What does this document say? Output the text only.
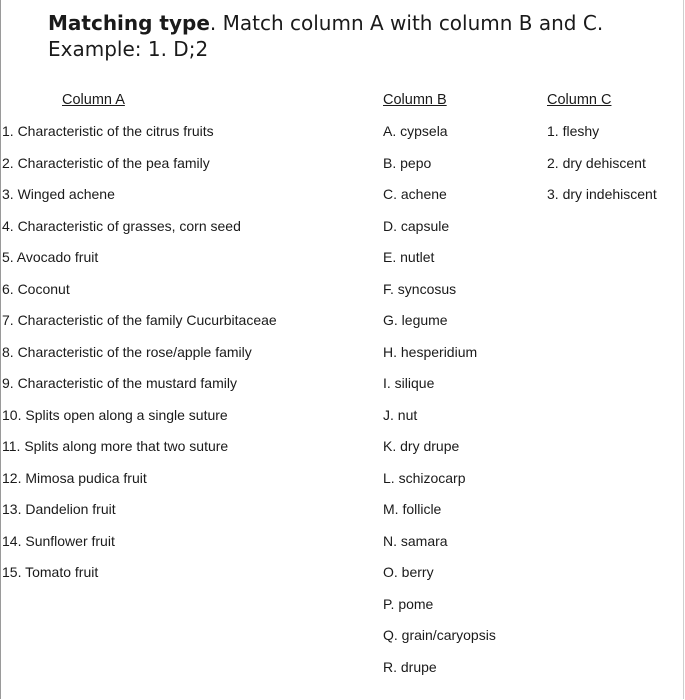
Matching type. Match column A with column B and C.
Example: 1. D;2
Column A	Column B	Column C
1. Characteristic of the citrus fruits
2. Characteristic of the pea family
3. Winged achene
4. Characteristic of grasses, corn seed
5. Avocado fruit
6. Coconut
7. Characteristic of the family Cucurbitaceae
8. Characteristic of the rose/apple family
9. Characteristic of the mustard family
10. Splits open along a single suture
11. Splits along more that two suture
12. Mimosa pudica fruit
13. Dandelion fruit
14. Sunflower fruit
15. Tomato fruit
A. cypsela
B. pepo
C. achene
D. capsule
E. nutlet
F. syncosus
G. legume
H. hesperidium
I. silique
J. nut
K. dry drupe
L. schizocarp
M. follicle
N. samara
O. berry
P. pome
Q. grain/caryopsis
R. drupe
1. fleshy
2. dry dehiscent
3. dry indehiscent
